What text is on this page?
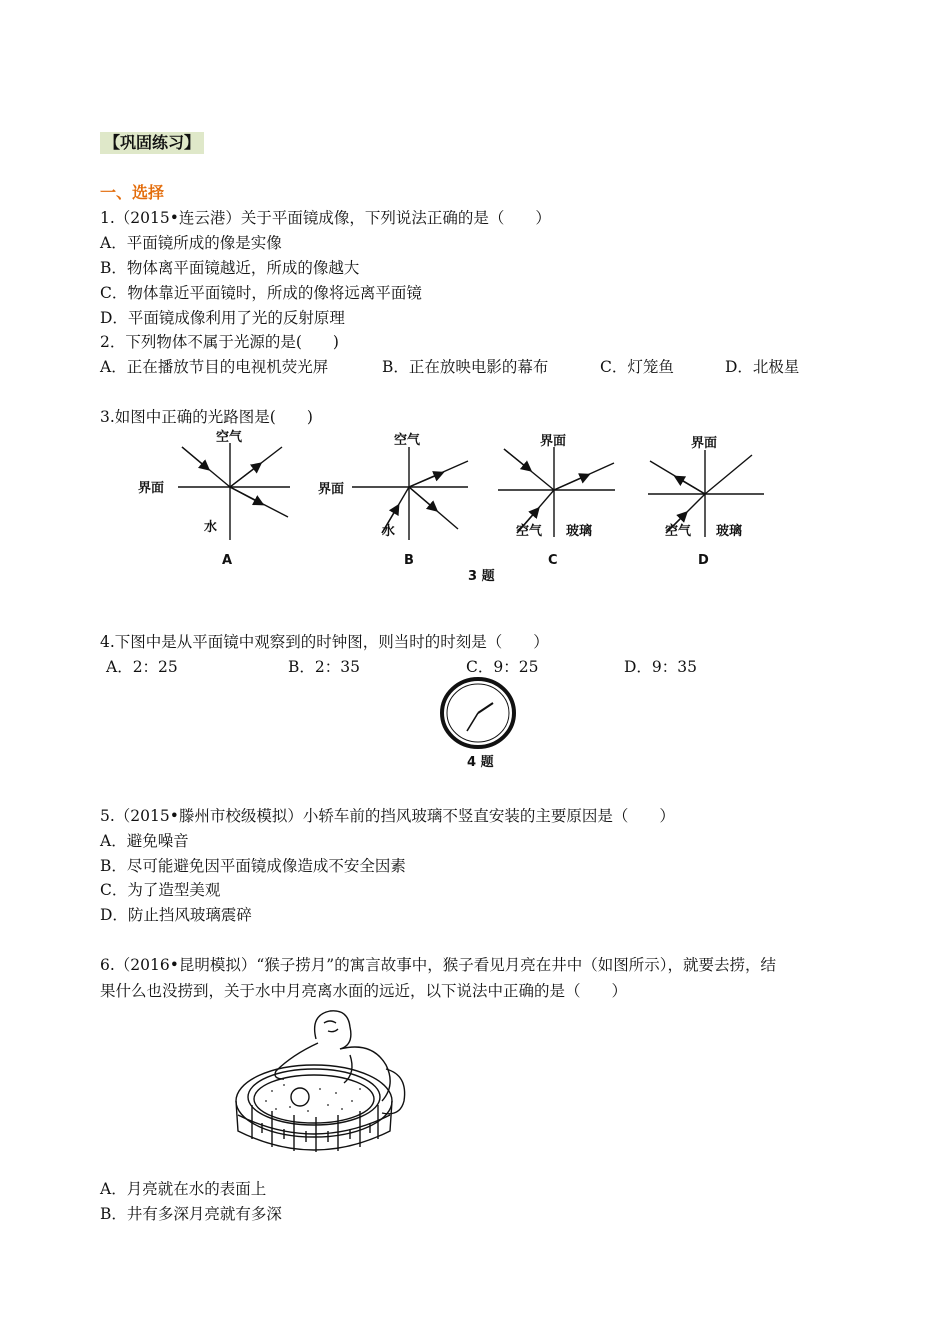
【巩固练习】
一、选择
1.（2015•连云港）关于平面镜成像，下列说法正确的是（　　）
A．平面镜所成的像是实像
B．物体离平面镜越近，所成的像越大
C．物体靠近平面镜时，所成的像将远离平面镜
D．平面镜成像利用了光的反射原理
2．下列物体不属于光源的是(　　)
A．正在播放节目的电视机荧光屏	B．正在放映电影的幕布	C．灯笼鱼	D．北极星
3.如图中正确的光路图是(　　)
空气
界面
水
A
空气
界面
水
B
界面
空气 玻璃
C
界面
空气 玻璃
D
3 题
4.下图中是从平面镜中观察到的时钟图，则当时的时刻是（　　）
A．2：25	B．2：35	C．9：25	D．9：35
4 题
5.（2015•滕州市校级模拟）小轿车前的挡风玻璃不竖直安装的主要原因是（　　）
A．避免噪音
B．尽可能避免因平面镜成像造成不安全因素
C．为了造型美观
D．防止挡风玻璃震碎
6.（2016•昆明模拟）“猴子捞月”的寓言故事中，猴子看见月亮在井中（如图所示），就要去捞，结
果什么也没捞到，关于水中月亮离水面的远近，以下说法中正确的是（　　）
A．月亮就在水的表面上
B．井有多深月亮就有多深
